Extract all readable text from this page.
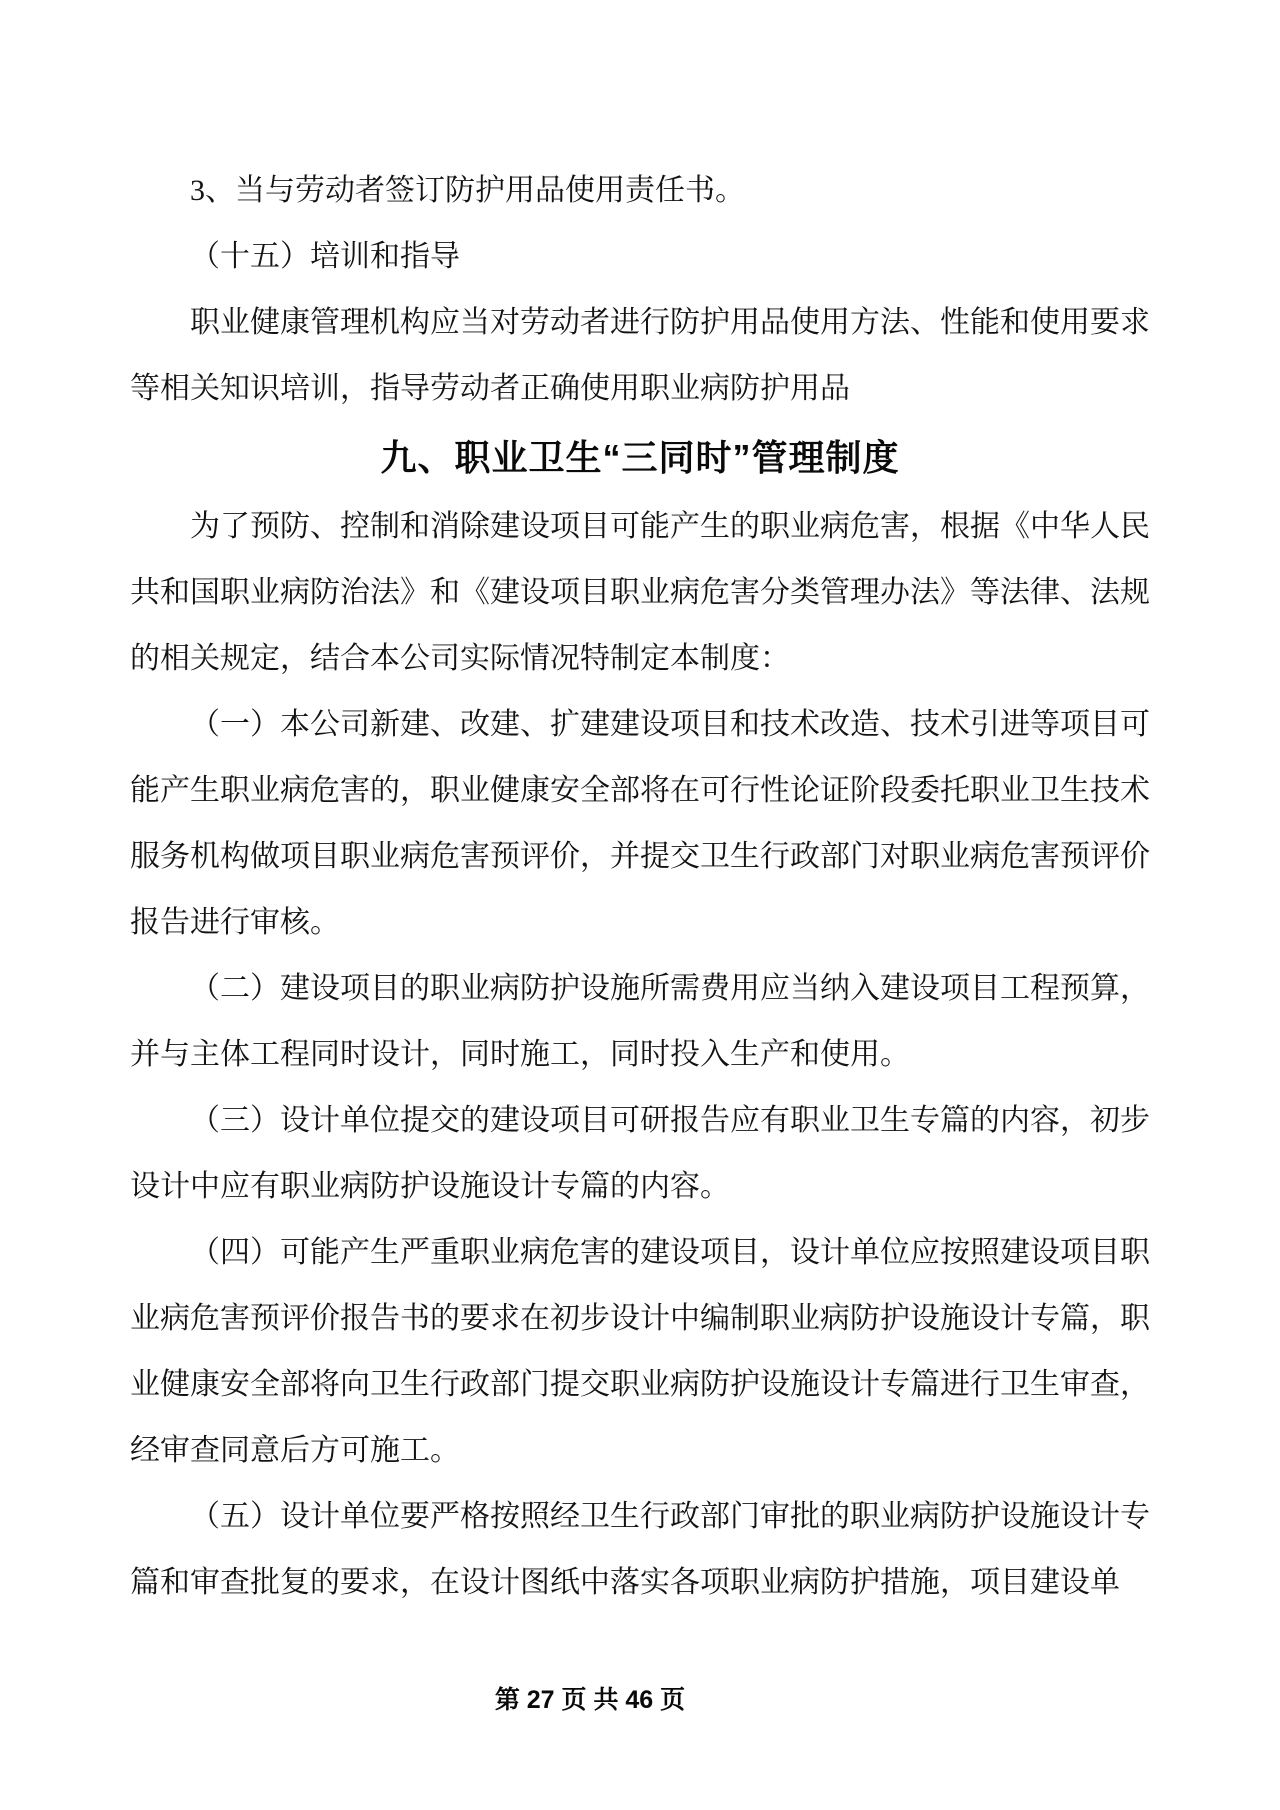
3、当与劳动者签订防护用品使用责任书。

（十五）培训和指导

职业健康管理机构应当对劳动者进行防护用品使用方法、性能和使用要求等相关知识培训，指导劳动者正确使用职业病防护用品

九、职业卫生“三同时”管理制度

为了预防、控制和消除建设项目可能产生的职业病危害，根据《中华人民共和国职业病防治法》和《建设项目职业病危害分类管理办法》等法律、法规的相关规定，结合本公司实际情况特制定本制度：

（一）本公司新建、改建、扩建建设项目和技术改造、技术引进等项目可能产生职业病危害的，职业健康安全部将在可行性论证阶段委托职业卫生技术服务机构做项目职业病危害预评价，并提交卫生行政部门对职业病危害预评价报告进行审核。

（二）建设项目的职业病防护设施所需费用应当纳入建设项目工程预算，并与主体工程同时设计，同时施工，同时投入生产和使用。

（三）设计单位提交的建设项目可研报告应有职业卫生专篇的内容，初步设计中应有职业病防护设施设计专篇的内容。

（四）可能产生严重职业病危害的建设项目，设计单位应按照建设项目职业病危害预评价报告书的要求在初步设计中编制职业病防护设施设计专篇，职业健康安全部将向卫生行政部门提交职业病防护设施设计专篇进行卫生审查，经审查同意后方可施工。

（五）设计单位要严格按照经卫生行政部门审批的职业病防护设施设计专篇和审查批复的要求，在设计图纸中落实各项职业病防护措施，项目建设单

第 27 页 共 46 页
